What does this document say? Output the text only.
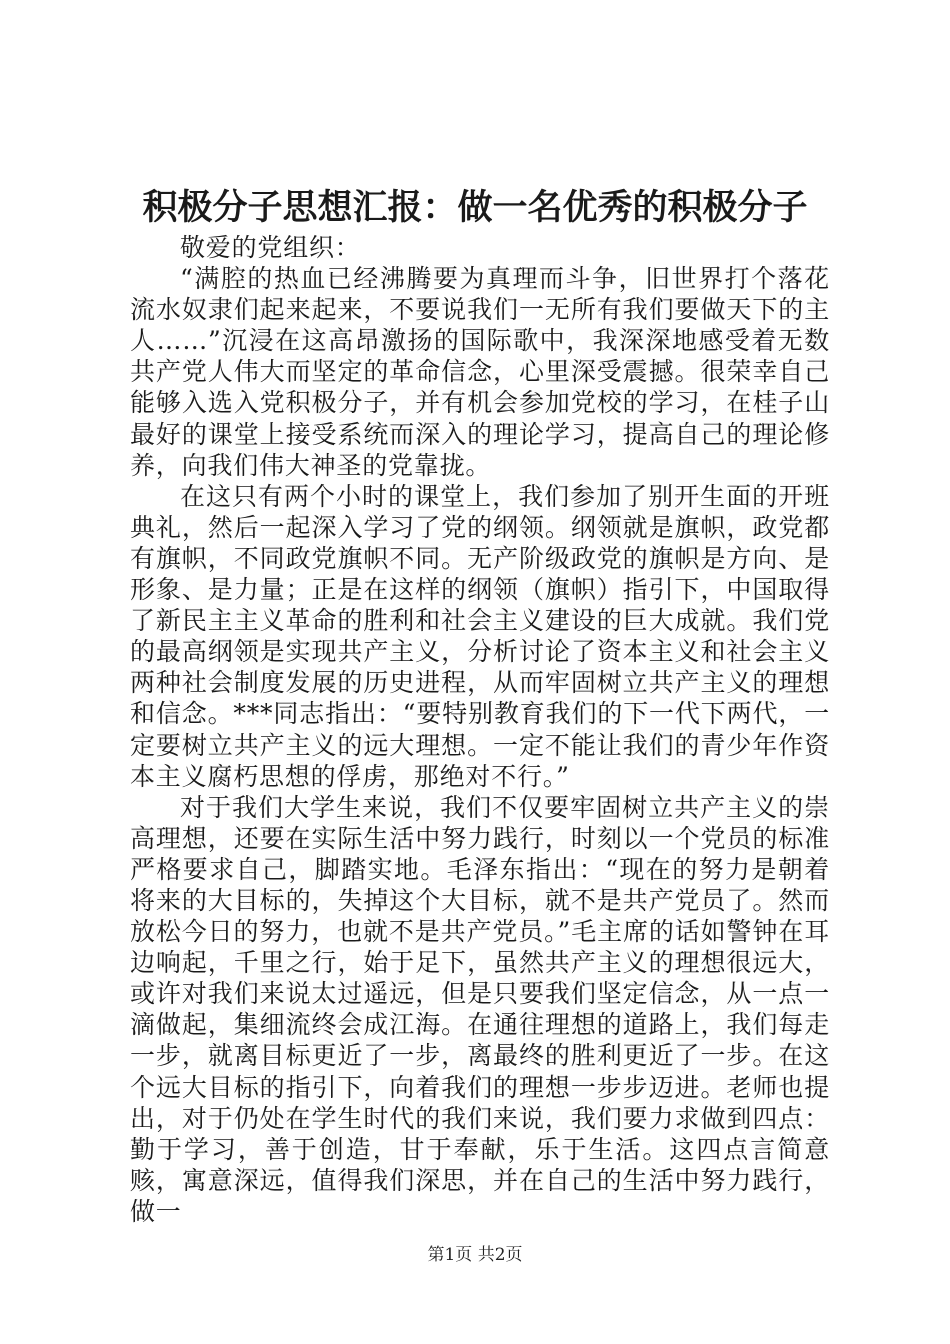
积极分子思想汇报：做一名优秀的积极分子

敬爱的党组织：

“满腔的热血已经沸腾要为真理而斗争，旧世界打个落花流水奴隶们起来起来，不要说我们一无所有我们要做天下的主人……”沉浸在这高昂激扬的国际歌中，我深深地感受着无数共产党人伟大而坚定的革命信念，心里深受震撼。很荣幸自己能够入选入党积极分子，并有机会参加党校的学习，在桂子山最好的课堂上接受系统而深入的理论学习，提高自己的理论修养，向我们伟大神圣的党靠拢。

在这只有两个小时的课堂上，我们参加了别开生面的开班典礼，然后一起深入学习了党的纲领。纲领就是旗帜，政党都有旗帜，不同政党旗帜不同。无产阶级政党的旗帜是方向、是形象、是力量；正是在这样的纲领（旗帜）指引下，中国取得了新民主主义革命的胜利和社会主义建设的巨大成就。我们党的最高纲领是实现共产主义，分析讨论了资本主义和社会主义两种社会制度发展的历史进程，从而牢固树立共产主义的理想和信念。***同志指出：“要特别教育我们的下一代下两代，一定要树立共产主义的远大理想。一定不能让我们的青少年作资本主义腐朽思想的俘虏，那绝对不行。”

对于我们大学生来说，我们不仅要牢固树立共产主义的崇高理想，还要在实际生活中努力践行，时刻以一个党员的标准严格要求自己，脚踏实地。毛泽东指出：“现在的努力是朝着将来的大目标的，失掉这个大目标，就不是共产党员了。然而放松今日的努力，也就不是共产党员。”毛主席的话如警钟在耳边响起，千里之行，始于足下，虽然共产主义的理想很远大，或许对我们来说太过遥远，但是只要我们坚定信念，从一点一滴做起，集细流终会成江海。在通往理想的道路上，我们每走一步，就离目标更近了一步，离最终的胜利更近了一步。在这个远大目标的指引下，向着我们的理想一步步迈进。老师也提出，对于仍处在学生时代的我们来说，我们要力求做到四点：勤于学习，善于创造，甘于奉献，乐于生活。这四点言简意赅，寓意深远，值得我们深思，并在自己的生活中努力践行，做一

第1页 共2页
